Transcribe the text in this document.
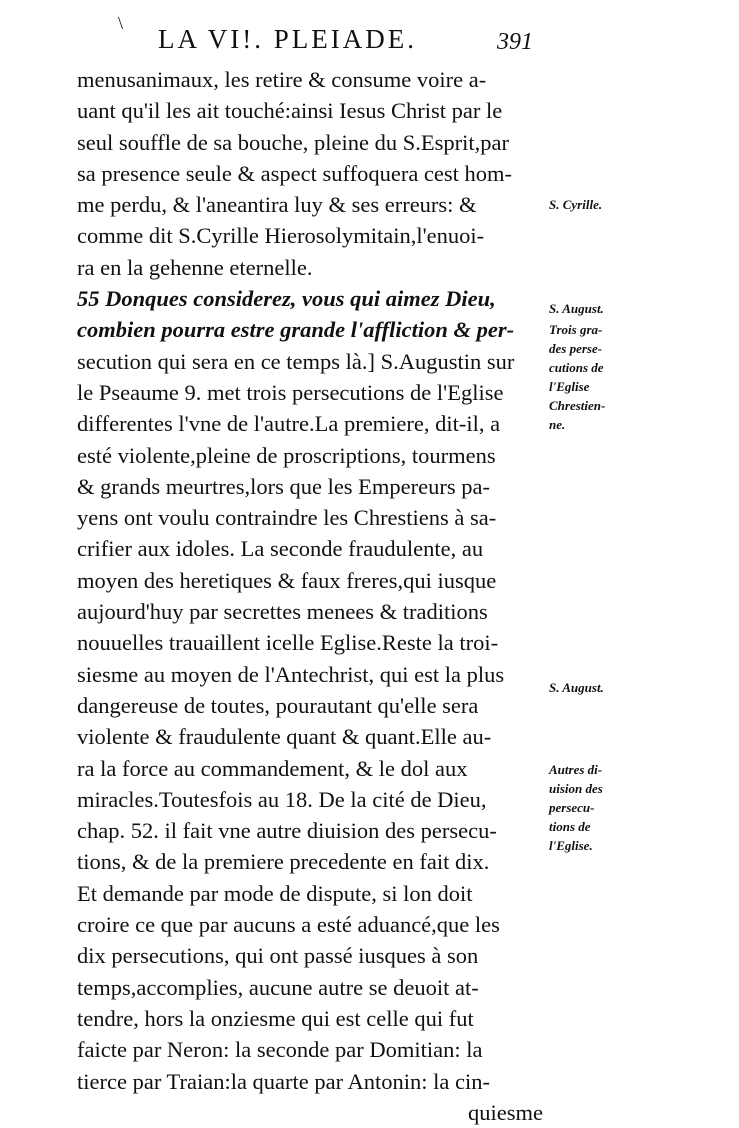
\
LA VI!. PLEIADE.	391
menusanimaux, les retire & consume voire a-
uant qu'il les ait touché:ainsi Iesus Christ par le
seul souffle de sa bouche, pleine du S.Esprit,par
sa presence seule & aspect suffoquera cest hom-
me perdu, & l'aneantira luy & ses erreurs: &
comme dit S.Cyrille Hierosolymitain,l'enuoi-
ra en la gehenne eternelle.
55 Donques considerez, vous qui aimez Dieu,
combien pourra estre grande l'affliction & per-
secution qui sera en ce temps là.] S.Augustin sur
le Pseaume 9. met trois persecutions de l'Eglise
differentes l'vne de l'autre.La premiere, dit-il, a
esté violente,pleine de proscriptions, tourmens
& grands meurtres,lors que les Empereurs pa-
yens ont voulu contraindre les Chrestiens à sa-
crifier aux idoles. La seconde fraudulente, au
moyen des heretiques & faux freres,qui iusque
aujourd'huy par secrettes menees & traditions
nouuelles trauaillent icelle Eglise.Reste la troi-
siesme au moyen de l'Antechrist, qui est la plus
dangereuse de toutes, pourautant qu'elle sera
violente & fraudulente quant & quant.Elle au-
ra la force au commandement, & le dol aux
miracles.Toutesfois au 18. De la cité de Dieu,
chap. 52. il fait vne autre diuision des persecu-
tions, & de la premiere precedente en fait dix.
Et demande par mode de dispute, si lon doit
croire ce que par aucuns a esté aduancé,que les
dix persecutions, qui ont passé iusques à son
temps,accomplies, aucune autre se deuoit at-
tendre, hors la onziesme qui est celle qui fut
faicte par Neron: la seconde par Domitian: la
tierce par Traian:la quarte par Antonin: la cin-
quiesme
S. Cyrille.
S. August.
Trois gra-
des perse-
cutions de
l'Eglise
Chrestien-
ne.
S. August.
Autres di-
uision des
persecu-
tions de
l'Eglise.
